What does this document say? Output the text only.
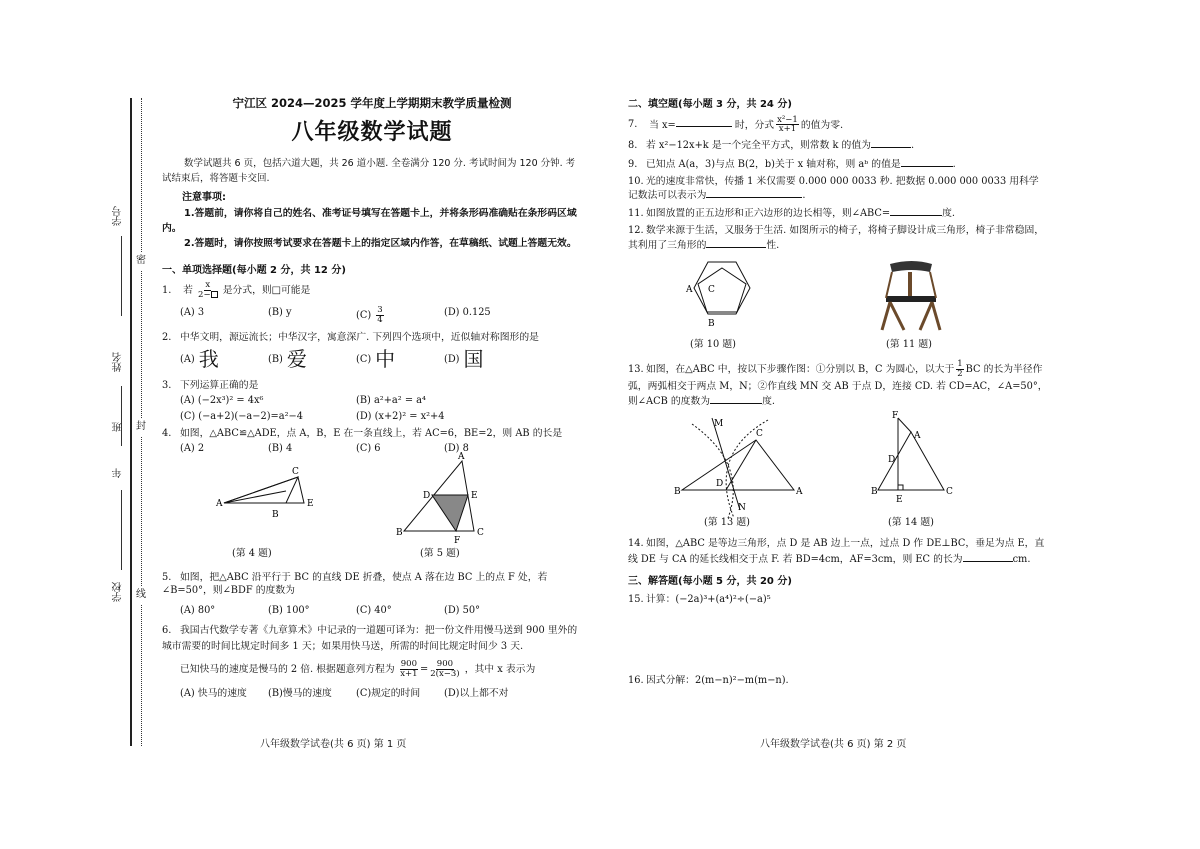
学号
姓名
年
班
学校
密
封
线
宁江区 2024—2025 学年度上学期期末教学质量检测
八年级数学试题
数学试题共 6 页，包括六道大题，共 26 道小题. 全卷满分 120 分. 考试时间为 120 分钟. 考试结束后，将答题卡交回.
注意事项:
1.答题前，请你将自己的姓名、准考证号填写在答题卡上，并将条形码准确贴在条形码区域内。
2.答题时，请你按照考试要求在答题卡上的指定区域内作答，在草稿纸、试题上答题无效。
一、单项选择题(每小题 2 分，共 12 分)
1. 若 $\frac{x}{2-}$ 是分式，则□可能是
(A) 3	(B) y	$(C) \frac{3}{4}$	(D) 0.125
2. 中华文明，源远流长；中华汉字，寓意深广. 下列四个选项中，近似轴对称图形的是
(A) 我	(B) 爱	(C) 中	(D) 国
3. 下列运算正确的是
(A) (−2x³)² = 4x⁶	(B) a²+a² = a⁴
(C) (−a+2)(−a−2)=a²−4	(D) (x+2)² = x²+4
4. 如图，△ABC≌△ADE，点 A，B，E 在一条直线上，若 AC=6，BE=2，则 AB 的长是
(A) 2	(B) 4	(C) 6	(D) 8
A
B
C
E
A
B	C
D	E
F
(第 4 题)	(第 5 题)
5. 如图，把△ABC 沿平行于 BC 的直线 DE 折叠，使点 A 落在边 BC 上的点 F 处，若∠B=50°，则∠BDF 的度数为
(A) 80°	(B) 100°	(C) 40°	(D) 50°
6. 我国古代数学专著《九章算术》中记录的一道题可译为：把一份文件用慢马送到 900 里外的城市需要的时间比规定时间多 1 天；如果用快马送，所需的时间比规定时间少 3 天.
已知快马的速度是慢马的 2 倍. 根据题意列方程为 $\frac{900}{x+1} = \frac{900}{2(x-3)}$ ，其中 x 表示为
(A) 快马的速度	(B)慢马的速度	(C)规定的时间	(D)以上都不对
八年级数学试卷(共 6 页) 第 1 页
二、填空题(每小题 3 分，共 24 分)
7. 当 x=	时，分式 $\frac{\text{x²−1}}{x+1}$ 的值为零.
8. 若 x²−12x+k 是一个完全平方式，则常数 k 的值为	.
9. 已知点 A(a，3)与点 B(2，b)关于 x 轴对称，则 aᵇ 的值是	.
10. 光的速度非常快，传播 1 米仅需要 0.000 000 0033 秒. 把数据 0.000 000 0033 用科学记数法可以表示为	.
11. 如图放置的正五边形和正六边形的边长相等，则∠ABC=	度.
12. 数学来源于生活，又服务于生活. 如图所示的椅子，将椅子脚设计成三角形，椅子非常稳固，其利用了三角形的	性.
A
B
C
(第 10 题)	(第 11 题)
13. 如图，在△ABC 中，按以下步骤作图：①分别以 B，C 为圆心，以大于 $\frac{1}{2}$ BC 的长为半径作弧，两弧相交于两点 M，N；②作直线 MN 交 AB 于点 D，连接 CD. 若 CD=AC，∠A=50°，则∠ACB 的度数为	度.
M
N
B
C
D
A
F
A
D
B
E
C
(第 13 题)	(第 14 题)
14. 如图，△ABC 是等边三角形，点 D 是 AB 边上一点，过点 D 作 DE⊥BC，垂足为点 E，直线 DE 与 CA 的延长线相交于点 F. 若 BD=4cm，AF=3cm，则 EC 的长为	cm.
三、解答题(每小题 5 分，共 20 分)
15. 计算：(−2a)³+(a⁴)²÷(−a)⁵
16. 因式分解：2(m−n)²−m(m−n).
八年级数学试卷(共 6 页) 第 2 页
